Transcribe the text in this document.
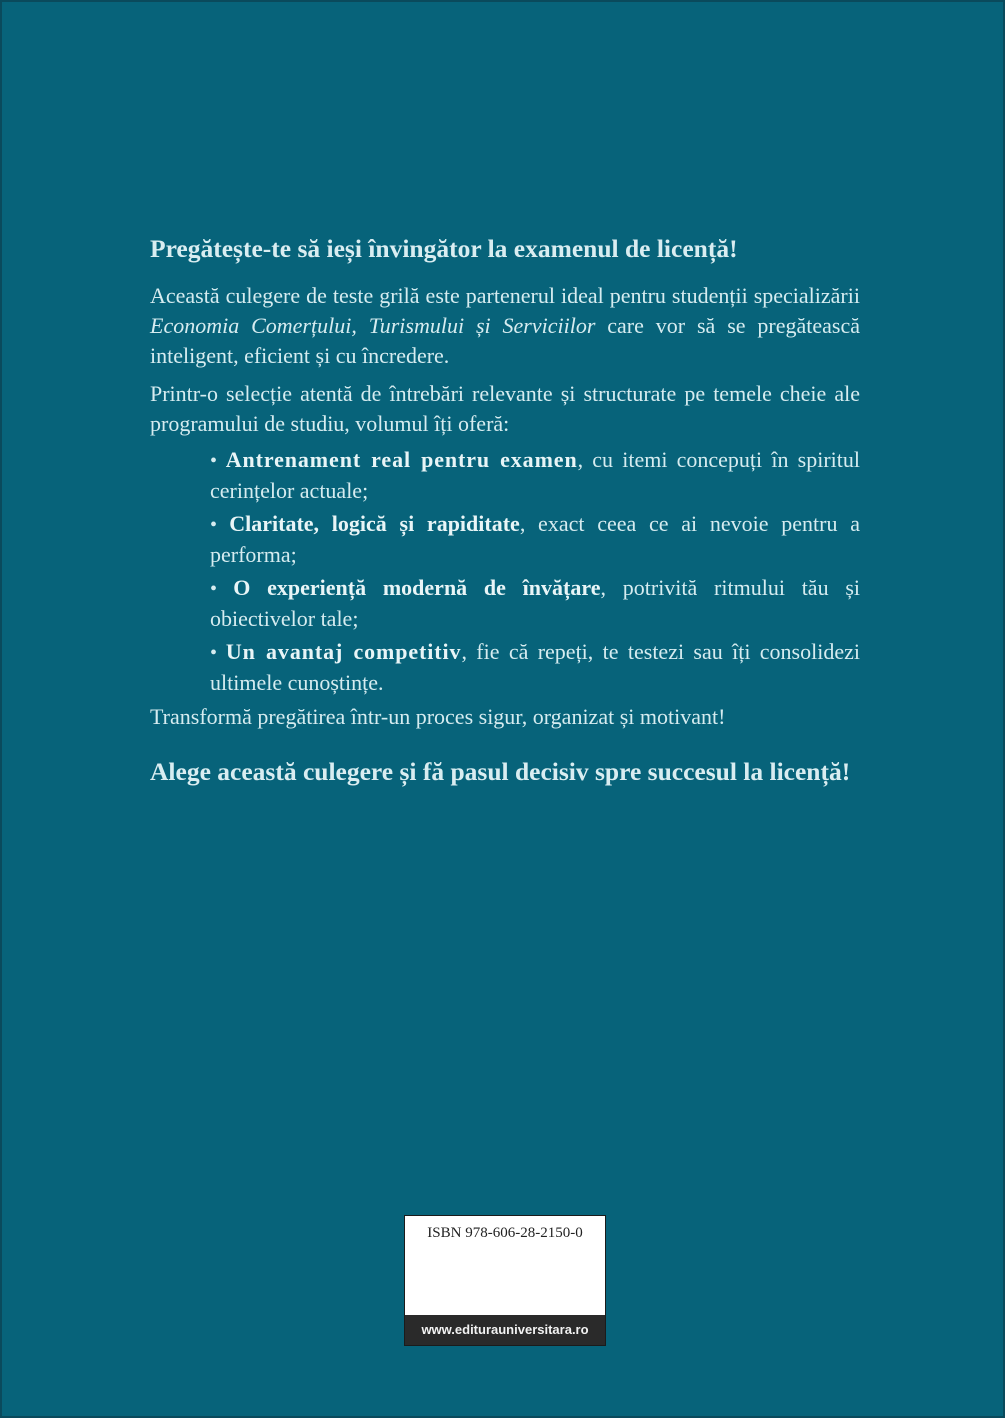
Pregătește-te să ieși învingător la examenul de licență!

Această culegere de teste grilă este partenerul ideal pentru studenții specializării Economia Comerțului, Turismului și Serviciilor care vor să se pregătească inteligent, eficient și cu încredere.

Printr-o selecție atentă de întrebări relevante și structurate pe temele cheie ale programului de studiu, volumul îți oferă:

• Antrenament real pentru examen, cu itemi concepuți în spiritul cerințelor actuale;
• Claritate, logică și rapiditate, exact ceea ce ai nevoie pentru a performa;
• O experiență modernă de învățare, potrivită ritmului tău și obiectivelor tale;
• Un avantaj competitiv, fie că repeți, te testezi sau îți consolidezi ultimele cunoștințe.

Transformă pregătirea într-un proces sigur, organizat și motivant!

Alege această culegere și fă pasul decisiv spre succesul la licență!

ISBN 978-606-28-2150-0
www.editurauniversitara.ro
